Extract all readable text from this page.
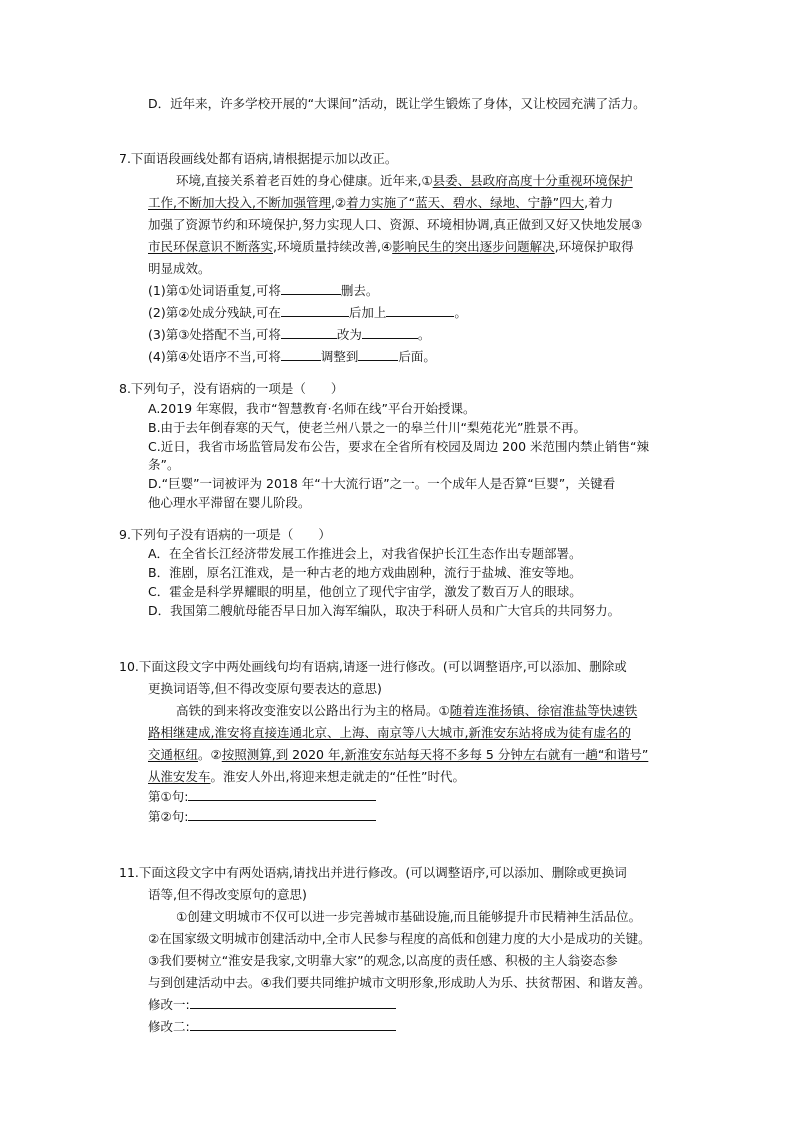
D．近年来，许多学校开展的“大课间”活动，既让学生锻炼了身体，又让校园充满了活力。
7.下面语段画线处都有语病,请根据提示加以改正。
环境,直接关系着老百姓的身心健康。近年来,①县委、县政府高度十分重视环境保护
工作,不断加大投入,不断加强管理,②着力实施了“蓝天、碧水、绿地、宁静”四大,着力
加强了资源节约和环境保护,努力实现人口、资源、环境相协调,真正做到又好又快地发展③
市民环保意识不断落实,环境质量持续改善,④影响民生的突出逐步问题解决,环境保护取得
明显成效。
(1)第①处词语重复,可将	删去。
(2)第②处成分残缺,可在	后加上	。
(3)第③处搭配不当,可将	改为	。
(4)第④处语序不当,可将	调整到	后面。
8.下列句子，没有语病的一项是（　　）
A.2019 年寒假，我市“智慧教育·名师在线”平台开始授课。
B.由于去年倒春寒的天气，使老兰州八景之一的皋兰什川“梨苑花光”胜景不再。
C.近日，我省市场监管局发布公告，要求在全省所有校园及周边 200 米范围内禁止销售“辣
条”。
D.“巨婴”一词被评为 2018 年“十大流行语”之一。一个成年人是否算“巨婴”，关键看
他心理水平滞留在婴儿阶段。
9.下列句子没有语病的一项是（　　）
A．在全省长江经济带发展工作推进会上，对我省保护长江生态作出专题部署。
B．淮剧，原名江淮戏，是一种古老的地方戏曲剧种，流行于盐城、淮安等地。
C．霍金是科学界耀眼的明星，他创立了现代宇宙学，激发了数百万人的眼球。
D．我国第二艘航母能否早日加入海军编队，取决于科研人员和广大官兵的共同努力。
10.下面这段文字中两处画线句均有语病,请逐一进行修改。(可以调整语序,可以添加、删除或
更换词语等,但不得改变原句要表达的意思)
高铁的到来将改变淮安以公路出行为主的格局。①随着连淮扬镇、徐宿淮盐等快速铁
路相继建成,淮安将直接连通北京、上海、南京等八大城市,新淮安东站将成为徒有虚名的
交通枢纽。②按照测算,到 2020 年,新淮安东站每天将不多每 5 分钟左右就有一趟“和谐号”
从淮安发车。淮安人外出,将迎来想走就走的“任性”时代。
第①句:
第②句:
11.下面这段文字中有两处语病,请找出并进行修改。(可以调整语序,可以添加、删除或更换词
语等,但不得改变原句的意思)
①创建文明城市不仅可以进一步完善城市基础设施,而且能够提升市民精神生活品位。
②在国家级文明城市创建活动中,全市人民参与程度的高低和创建力度的大小是成功的关键。
③我们要树立“淮安是我家,文明靠大家”的观念,以高度的责任感、积极的主人翁姿态参
与到创建活动中去。④我们要共同维护城市文明形象,形成助人为乐、扶贫帮困、和谐友善。
修改一:
修改二:
